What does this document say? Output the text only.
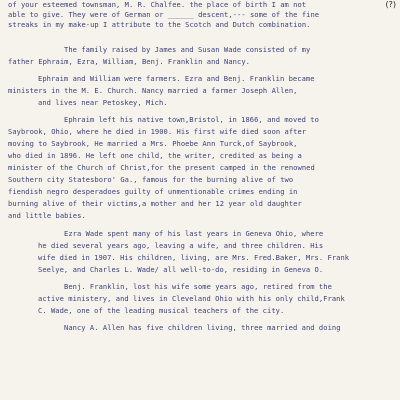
of your esteemed townsman, M. R. Chalfee. the place of birth I am not
able to give. They were of German or ______ descent,--- some of the fine
streaks in my make-up I attribute to the Scotch and Dutch combination.
The family raised by James and Susan Wade consisted of my
father Ephraim, Ezra, William, Benj. Franklin and Nancy.
Ephraim and William were farmers. Ezra and Benj. Franklin became
ministers in the M. E. Church. Nancy married a farmer Joseph Allen,
and lives near Petoskey, Mich.
Ephraim left his native town,Bristol, in 1866, and moved to
Saybrook, Ohio, where he died in 1900. His first wife died soon after
moving to Saybrook, He married a Mrs. Phoebe Ann Turck,of Saybrook,
who died in 1896. He left one child, the writer, credited as being a
minister of the Church of Christ,for the present camped in the renowned
Southern city Statesboro' Ga., famous for the burning alive of two
fiendish negro desperadoes guilty of unmentionable crimes ending in
burning alive of their victims,a mother and her 12 year old daughter
and little babies.
Ezra Wade spent many of his last years in Geneva Ohio, where
he died several years ago, leaving a wife, and three children. His
wife died in 1907. His children, living, are Mrs. Fred.Baker, Mrs. Frank
Seelye, and Charles L. Wade/ all well-to-do, residing in Geneva O.
Benj. Franklin, lost his wife some years ago, retired from the
active ministery, and lives in Cleveland Ohio with his only child,Frank
C. Wade, one of the leading musical teachers of the city.
Nancy A. Allen has five children living, three married and doing
(?)
